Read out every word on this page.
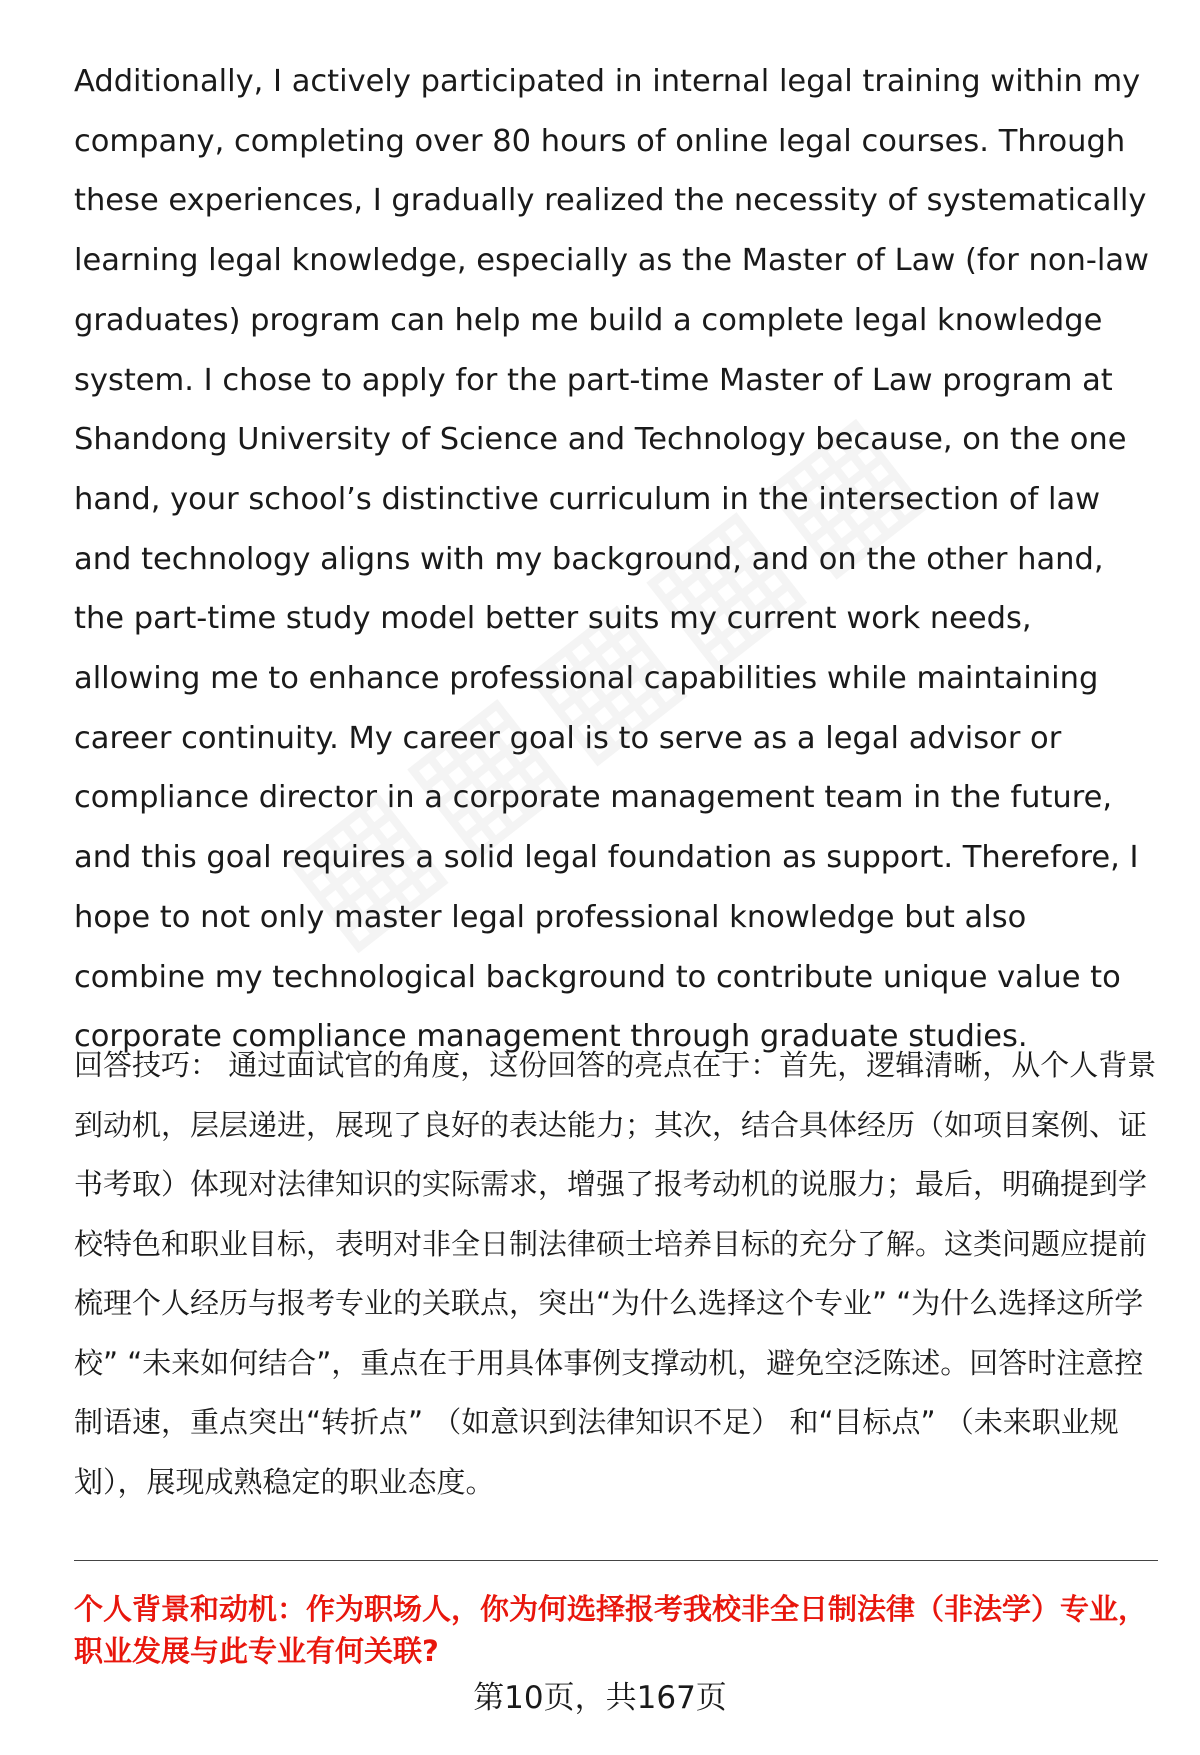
Additionally, I actively participated in internal legal training within my company, completing over 80 hours of online legal courses. Through these experiences, I gradually realized the necessity of systematically learning legal knowledge, especially as the Master of Law (for non-law graduates) program can help me build a complete legal knowledge system. I chose to apply for the part-time Master of Law program at Shandong University of Science and Technology because, on the one hand, your school’s distinctive curriculum in the intersection of law and technology aligns with my background, and on the other hand, the part-time study model better suits my current work needs, allowing me to enhance professional capabilities while maintaining career continuity. My career goal is to serve as a legal advisor or compliance director in a corporate management team in the future, and this goal requires a solid legal foundation as support. Therefore, I hope to not only master legal professional knowledge but also combine my technological background to contribute unique value to corporate compliance management through graduate studies.

回答技巧： 通过面试官的角度，这份回答的亮点在于：首先，逻辑清晰，从个人背景到动机，层层递进，展现了良好的表达能力；其次，结合具体经历（如项目案例、证书考取）体现对法律知识的实际需求，增强了报考动机的说服力；最后，明确提到学校特色和职业目标，表明对非全日制法律硕士培养目标的充分了解。这类问题应提前梳理个人经历与报考专业的关联点，突出“为什么选择这个专业” “为什么选择这所学校” “未来如何结合”，重点在于用具体事例支撑动机，避免空泛陈述。回答时注意控制语速，重点突出“转折点” （如意识到法律知识不足） 和“目标点” （未来职业规划），展现成熟稳定的职业态度。

个人背景和动机：作为职场人，你为何选择报考我校非全日制法律（非法学）专业，职业发展与此专业有何关联?

第10页，共167页
